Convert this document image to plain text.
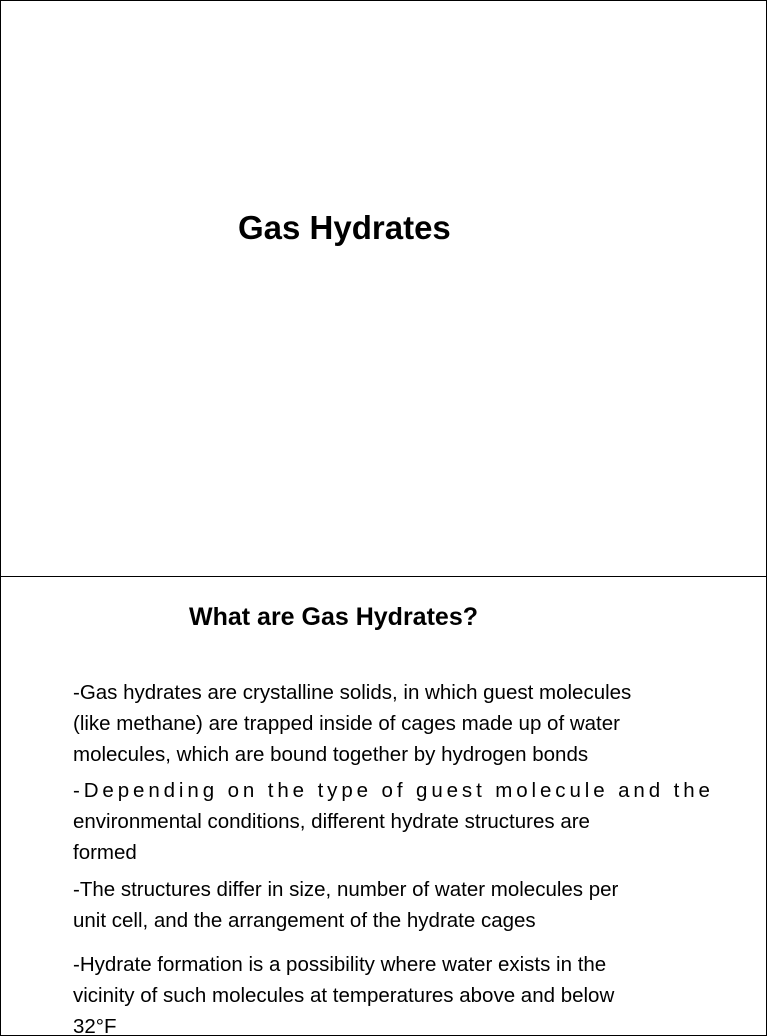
Gas Hydrates
What are Gas Hydrates?
-Gas hydrates are crystalline solids, in which guest molecules
(like methane) are trapped inside of cages made up of water
molecules, which are bound together by hydrogen bonds
-Depending on the type of guest molecule and the
environmental conditions, different hydrate structures are
formed
-The structures differ in size, number of water molecules per
unit cell, and the arrangement of the hydrate cages
-Hydrate formation is a possibility where water exists in the
vicinity of such molecules at temperatures above and below
32°F
